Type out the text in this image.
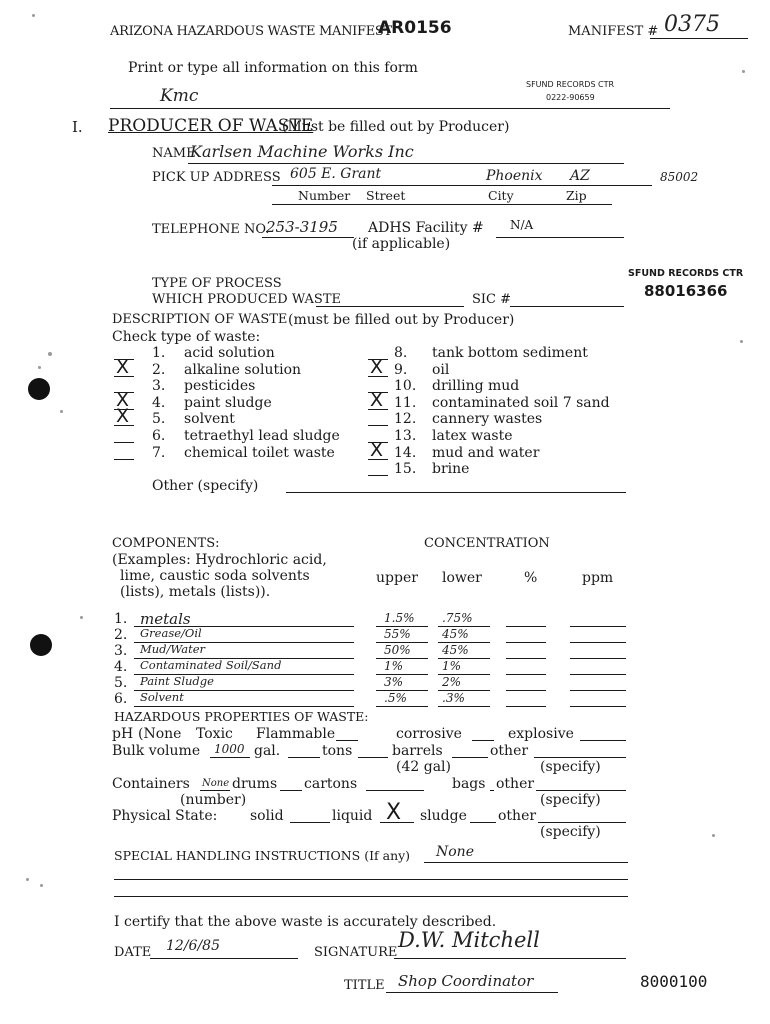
ARIZONA HAZARDOUS WASTE MANIFEST
AR0156	MANIFEST # 0375
Print or type all information on this form
SFUND RECORDS CTR
0222-90659
Kmc
I. PRODUCER OF WASTE
(Must be filled out by Producer)
NAME
Karlsen Machine Works Inc
PICK UP ADDRESS 605 E. Grant	Phoenix AZ	85002
Number Street	City	Zip
TELEPHONE NO.
253-3195 ADHS Facility # N/A
(if applicable)
SFUND RECORDS CTR
88016366
TYPE OF PROCESS
WHICH PRODUCED WASTE	SIC #
DESCRIPTION OF WASTE (must be filled out by Producer)
Check type of waste:
1. acid solution
X 2. alkaline solution
3. pesticides
X 4. paint sludge
X 5. solvent
6. tetraethyl lead sludge
7. chemical toilet waste
8. tank bottom sediment
X 9. oil
10. drilling mud
X 11. contaminated soil 7 sand
12. cannery wastes
13. latex waste
X 14. mud and water
15. brine
Other (specify)
COMPONENTS:
(Examples: Hydrochloric acid,
lime, caustic soda solvents
(lists), metals (lists)).
CONCENTRATION
upper lower	%	ppm
1. metals	1.5% .75%
2. Grease/Oil	55%	45%
3. Mud/Water	50%	45%
4. Contaminated Soil/Sand	1%	1%
5. Paint Sludge	3%	2%
6. Solvent	.5%	.3%
HAZARDOUS PROPERTIES OF WASTE:
pH (None Toxic Flammable	corrosive	explosive
Bulk volume 1000 gal.	tons	barrels	other
(42 gal)	(specify)
Containers None drums cartons	bags other
(number)	(specify)
Physical State: solid	liquid X sludge other
(specify)
SPECIAL HANDLING INSTRUCTIONS (If any) None
I certify that the above waste is accurately described.
DATE 12/6/85	SIGNATURE
D.W. Mitchell
TITLE Shop Coordinator	8000100
